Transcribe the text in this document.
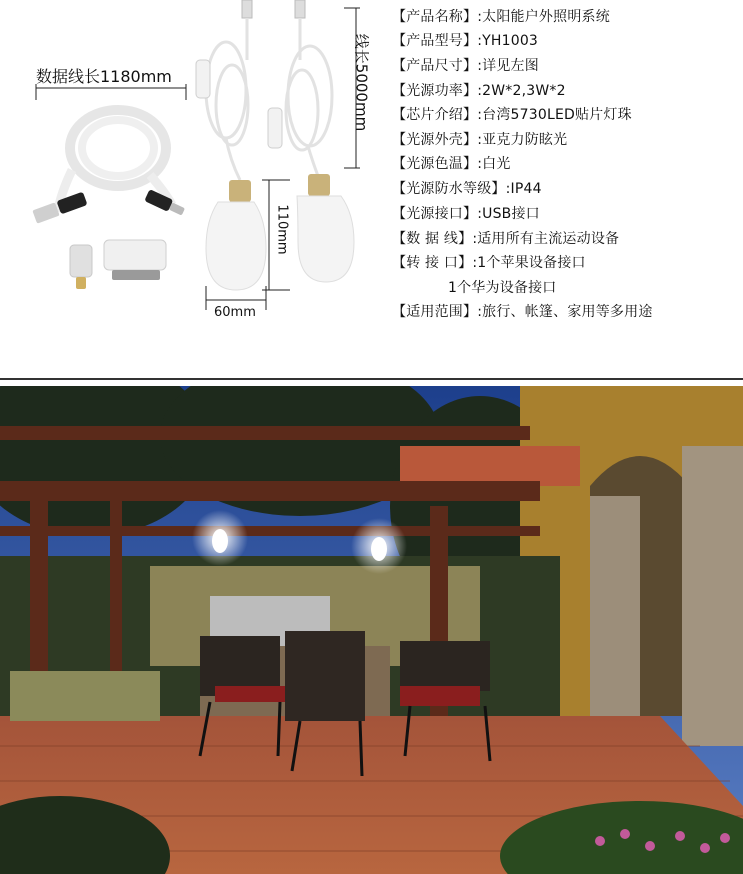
数据线长1180mm	线长5000mm
110mm
60mm
【产品名称】:太阳能户外照明系统
【产品型号】:YH1003
【产品尺寸】:详见左图
【光源功率】:2W*2,3W*2
【芯片介绍】:台湾5730LED贴片灯珠
【光源外壳】:亚克力防眩光
【光源色温】:白光
【光源防水等级】:IP44
【光源接口】:USB接口
【数 据 线】:适用所有主流运动设备
【转 接 口】:1个苹果设备接口
1个华为设备接口
【适用范围】:旅行、帐篷、家用等多用途
